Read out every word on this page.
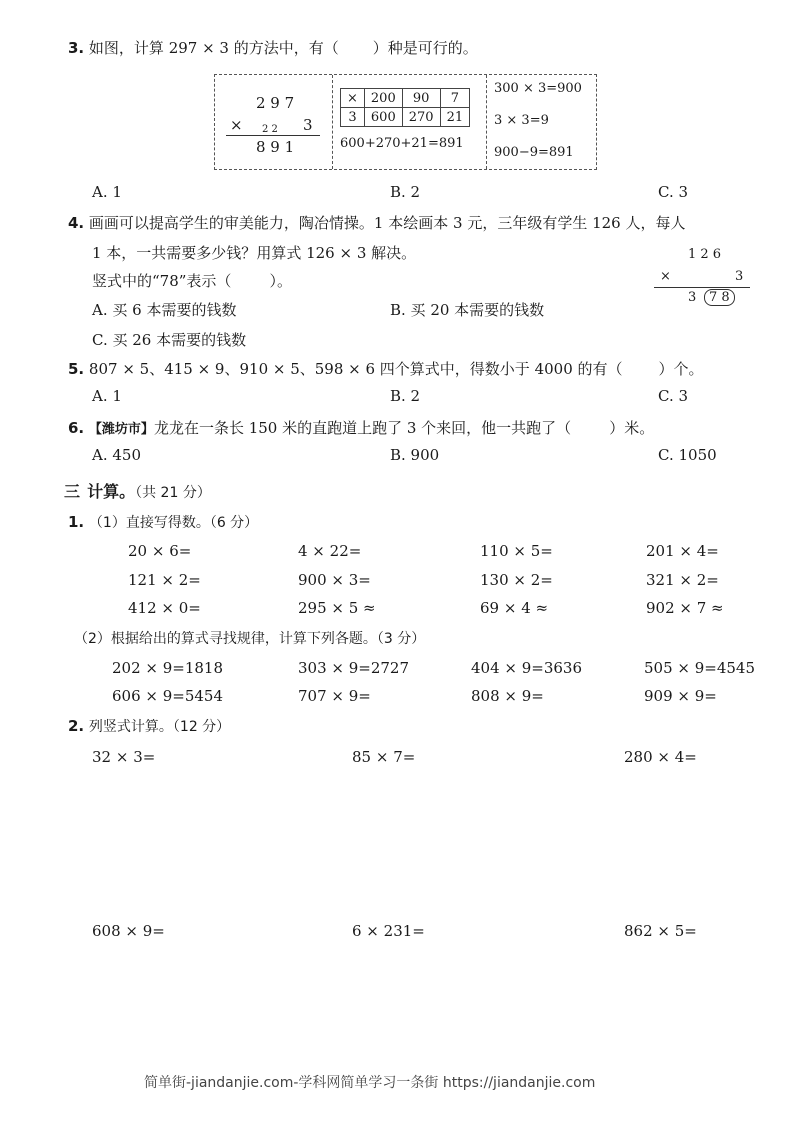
3. 如图，计算 297 × 3 的方法中，有（ ）种是可行的。
2 9 7
× 2 2 3
8 9 1
×	200	90	7
3	600	270	21
600+270+21=891
300 × 3=900
3 × 3=9
900−9=891
A. 1	B. 2	C. 3
4. 画画可以提高学生的审美能力，陶冶情操。1 本绘画本 3 元，三年级有学生 126 人，每人
1 本，一共需要多少钱？用算式 126 × 3 解决。
竖式中的“78”表示（	）。
1 2 6
×	3
3 7 8
A. 买 6 本需要的钱数	B. 买 20 本需要的钱数
C. 买 26 本需要的钱数
5. 807 × 5、415 × 9、910 × 5、598 × 6 四个算式中，得数小于 4000 的有（ ）个。
A. 1	B. 2	C. 3
6. 【潍坊市】龙龙在一条长 150 米的直跑道上跑了 3 个来回，他一共跑了（	）米。
A. 450	B. 900	C. 1050
三 计算。（共 21 分）
1. （1）直接写得数。（6 分）
20 × 6=	4 × 22=	110 × 5=	201 × 4=
121 × 2=	900 × 3=	130 × 2=	321 × 2=
412 × 0=	295 × 5 ≈	69 × 4 ≈	902 × 7 ≈
（2）根据给出的算式寻找规律，计算下列各题。（3 分）
202 × 9=1818	303 × 9=2727	404 × 9=3636	505 × 9=4545
606 × 9=5454	707 × 9=	808 × 9=	909 × 9=
2. 列竖式计算。（12 分）
32 × 3=	85 × 7=	280 × 4=
608 × 9=	6 × 231=	862 × 5=
简单街-jiandanjie.com-学科网简单学习一条街 https://jiandanjie.com
